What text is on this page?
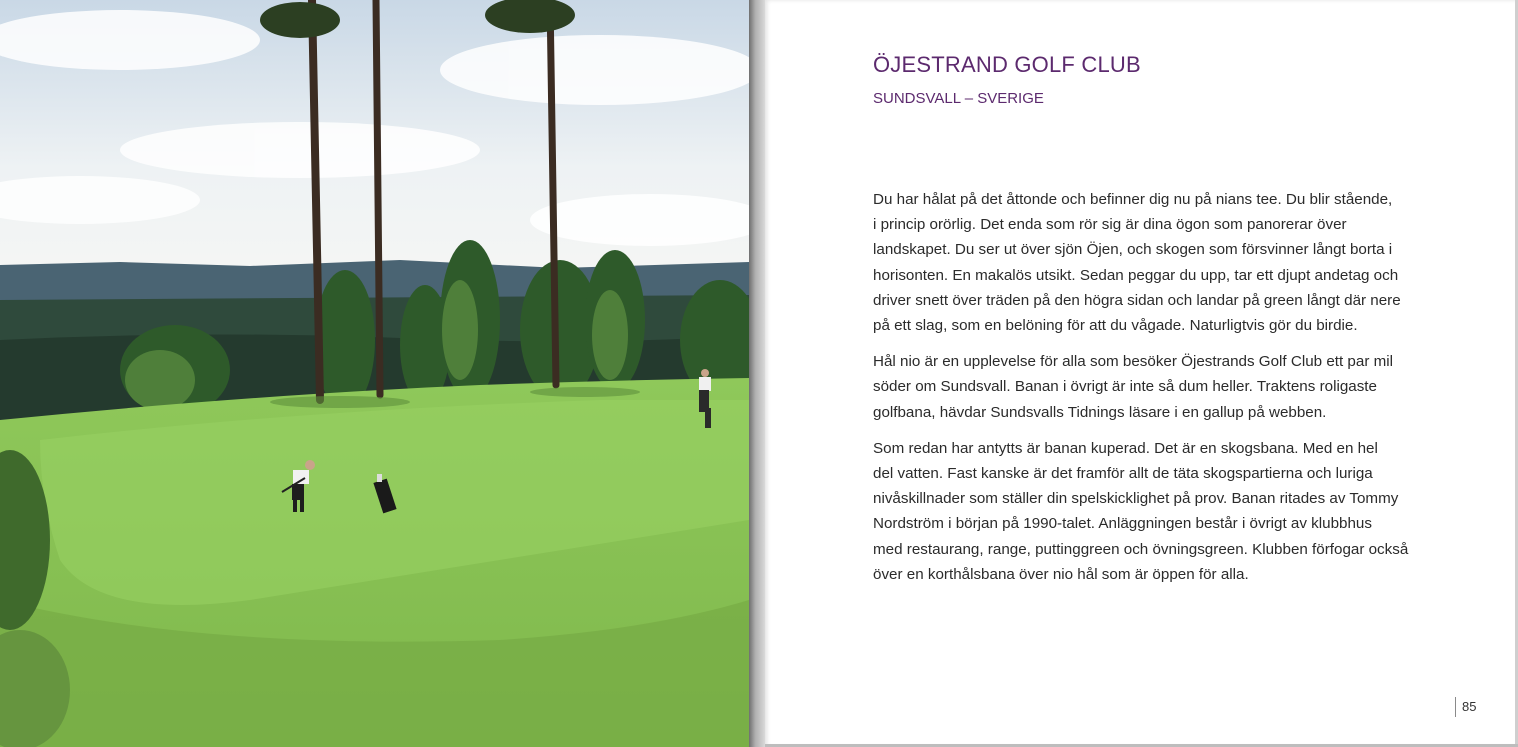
ÖJESTRAND GOLF CLUB
SUNDSVALL – SVERIGE

Du har hålat på det åttonde och befinner dig nu på nians tee. Du blir stående,
i princip orörlig. Det enda som rör sig är dina ögon som panorerar över
landskapet. Du ser ut över sjön Öjen, och skogen som försvinner långt borta i
horisonten. En makalös utsikt. Sedan peggar du upp, tar ett djupt andetag och
driver snett över träden på den högra sidan och landar på green långt där nere
på ett slag, som en belöning för att du vågade. Naturligtvis gör du birdie.

Hål nio är en upplevelse för alla som besöker Öjestrands Golf Club ett par mil
söder om Sundsvall. Banan i övrigt är inte så dum heller. Traktens roligaste
golfbana, hävdar Sundsvalls Tidnings läsare i en gallup på webben.

Som redan har antytts är banan kuperad. Det är en skogsbana. Med en hel
del vatten. Fast kanske är det framför allt de täta skogspartierna och luriga
nivåskillnader som ställer din spelskicklighet på prov. Banan ritades av Tommy
Nordström i början på 1990-talet. Anläggningen består i övrigt av klubbhus
med restaurang, range, puttinggreen och övningsgreen. Klubben förfogar också
över en korthålsbana över nio hål som är öppen för alla.

85
